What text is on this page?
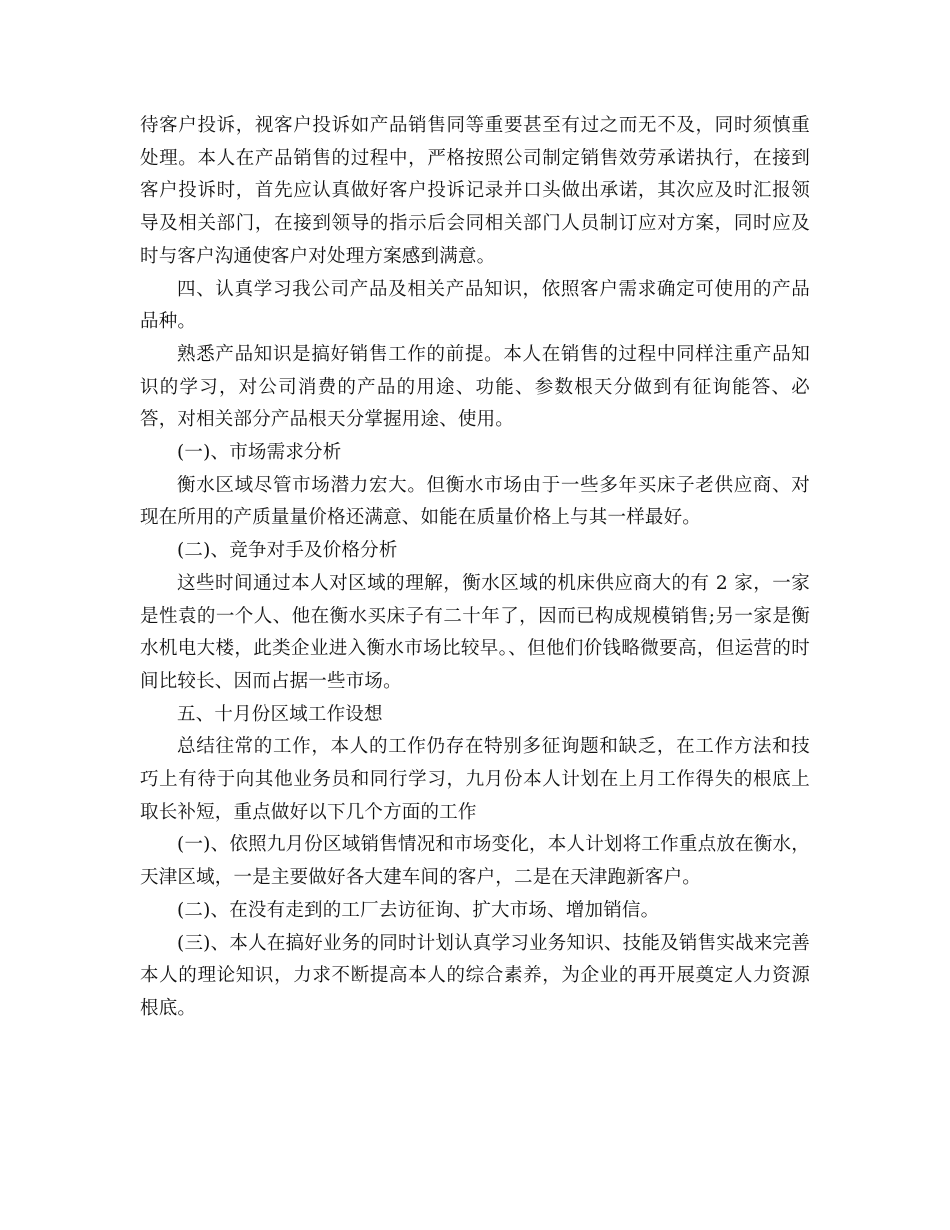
待客户投诉，视客户投诉如产品销售同等重要甚至有过之而无不及，同时须慎重处理。本人在产品销售的过程中，严格按照公司制定销售效劳承诺执行，在接到客户投诉时，首先应认真做好客户投诉记录并口头做出承诺，其次应及时汇报领导及相关部门，在接到领导的指示后会同相关部门人员制订应对方案，同时应及时与客户沟通使客户对处理方案感到满意。

四、认真学习我公司产品及相关产品知识，依照客户需求确定可使用的产品品种。

熟悉产品知识是搞好销售工作的前提。本人在销售的过程中同样注重产品知识的学习，对公司消费的产品的用途、功能、参数根天分做到有征询能答、必答，对相关部分产品根天分掌握用途、使用。

(一)、市场需求分析

衡水区域尽管市场潜力宏大。但衡水市场由于一些多年买床子老供应商、对现在所用的产质量量价格还满意、如能在质量价格上与其一样最好。

(二)、竞争对手及价格分析

这些时间通过本人对区域的理解，衡水区域的机床供应商大的有 2 家，一家是性袁的一个人、他在衡水买床子有二十年了，因而已构成规模销售;另一家是衡水机电大楼，此类企业进入衡水市场比较早。、但他们价钱略微要高，但运营的时间比较长、因而占据一些市场。

五、十月份区域工作设想

总结往常的工作，本人的工作仍存在特别多征询题和缺乏，在工作方法和技巧上有待于向其他业务员和同行学习，九月份本人计划在上月工作得失的根底上取长补短，重点做好以下几个方面的工作

(一)、依照九月份区域销售情况和市场变化，本人计划将工作重点放在衡水，天津区域，一是主要做好各大建车间的客户，二是在天津跑新客户。

(二)、在没有走到的工厂去访征询、扩大市场、增加销信。

(三)、本人在搞好业务的同时计划认真学习业务知识、技能及销售实战来完善本人的理论知识，力求不断提高本人的综合素养，为企业的再开展奠定人力资源根底。
